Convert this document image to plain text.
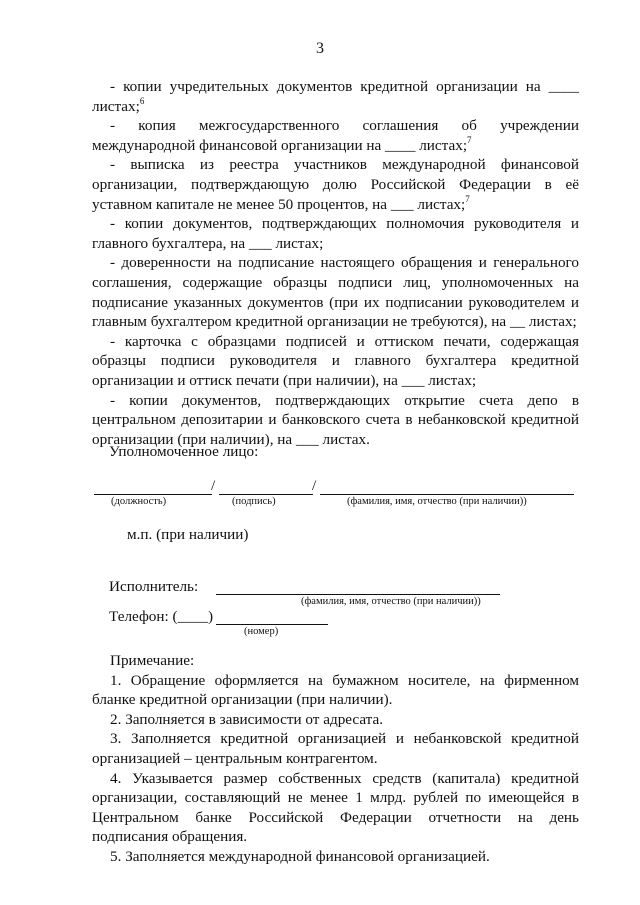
3

- копии учредительных документов кредитной организации на ____ листах;$^6$

- копия межгосударственного соглашения об учреждении международной финансовой организации на ____ листах;$^7$

- выписка из реестра участников международной финансовой организации, подтверждающую долю Российской Федерации в её уставном капитале не менее 50 процентов, на ___ листах;$^7$

- копии документов, подтверждающих полномочия руководителя и главного бухгалтера, на ___ листах;

- доверенности на подписание настоящего обращения и генерального соглашения, содержащие образцы подписи лиц, уполномоченных на подписание указанных документов (при их подписании руководителем и главным бухгалтером кредитной организации не требуются), на __ листах;

- карточка с образцами подписей и оттиском печати, содержащая образцы подписи руководителя и главного бухгалтера кредитной организации и оттиск печати (при наличии), на ___ листах;

- копии документов, подтверждающих открытие счета депо в центральном депозитарии и банковского счета в небанковской кредитной организации (при наличии), на ___ листах.

Уполномоченное лицо:
/	/
(должность)	(подпись)	(фамилия, имя, отчество (при наличии))
м.п. (при наличии)
Исполнитель:
(фамилия, имя, отчество (при наличии))
Телефон: (____)
(номер)

Примечание:

1. Обращение оформляется на бумажном носителе, на фирменном бланке кредитной организации (при наличии).

2. Заполняется в зависимости от адресата.

3. Заполняется кредитной организацией и небанковской кредитной организацией – центральным контрагентом.

4. Указывается размер собственных средств (капитала) кредитной организации, составляющий не менее 1 млрд. рублей по имеющейся в Центральном банке Российской Федерации отчетности на день подписания обращения.

5. Заполняется международной финансовой организацией.
